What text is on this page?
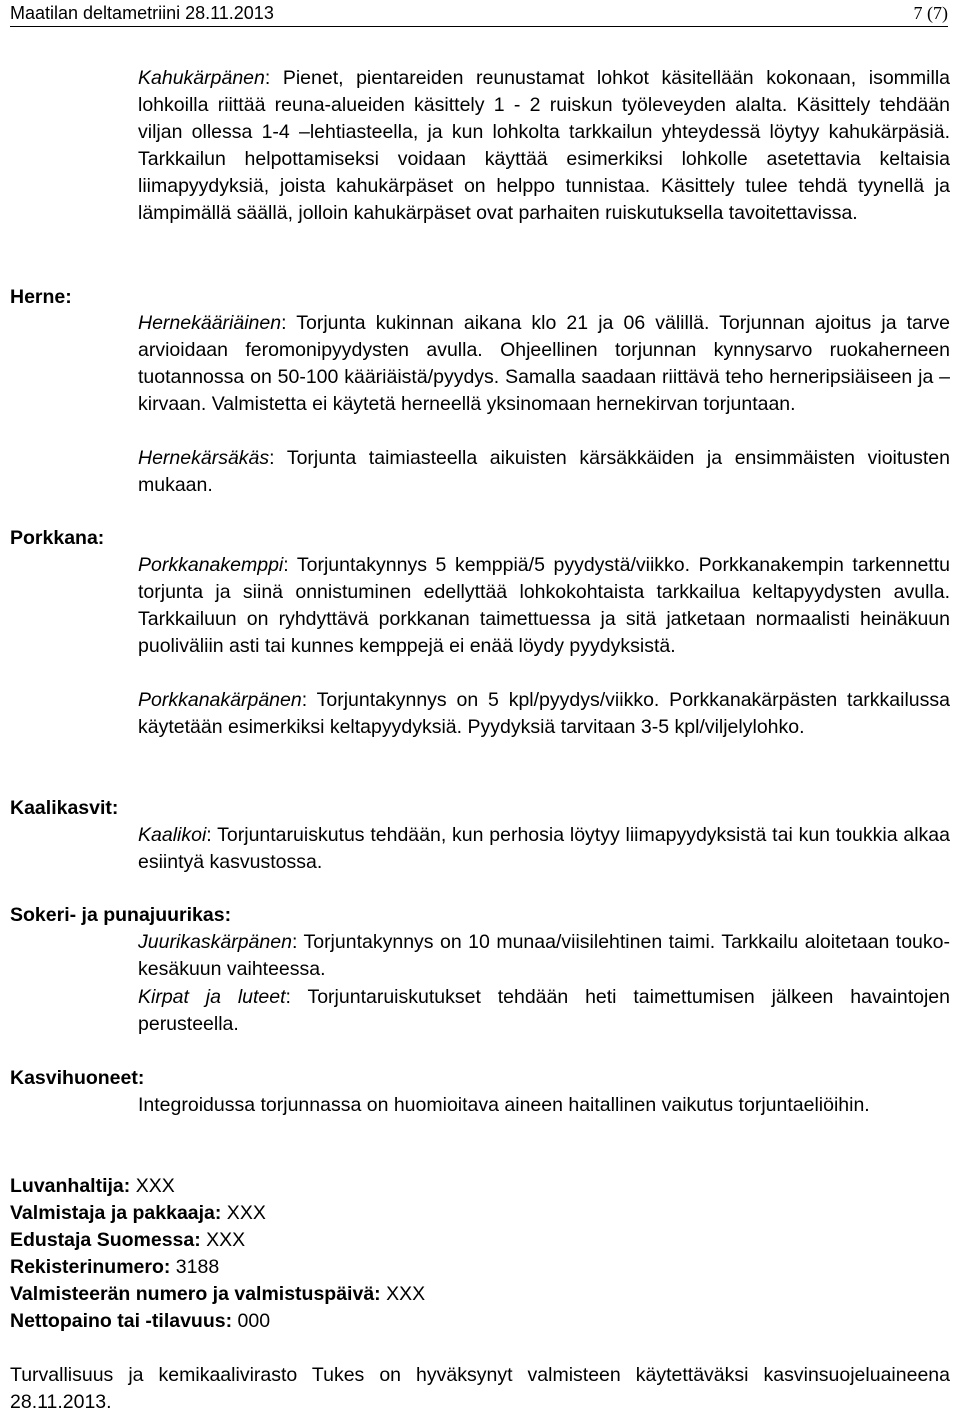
Maatilan deltametriini 28.11.2013	7 (7)

Kahukärpänen: Pienet, pientareiden reunustamat lohkot käsitellään kokonaan, isommilla lohkoilla riittää reuna-alueiden käsittely 1 - 2 ruiskun työleveyden alalta. Käsittely tehdään viljan ollessa 1-4 –lehtiasteella, ja kun lohkolta tarkkailun yhteydessä löytyy kahukärpäsiä. Tarkkailun helpottamiseksi voidaan käyttää esimerkiksi lohkolle asetettavia keltaisia liimapyydyksiä, joista kahukärpäset on helppo tunnistaa. Käsittely tulee tehdä tyynellä ja lämpimällä säällä, jolloin kahukärpäset ovat parhaiten ruiskutuksella tavoitettavissa.

Herne:

Hernekääriäinen: Torjunta kukinnan aikana klo 21 ja 06 välillä. Torjunnan ajoitus ja tarve arvioidaan feromonipyydysten avulla. Ohjeellinen torjunnan kynnysarvo ruokaherneen tuotannossa on 50-100 kääriäistä/pyydys. Samalla saadaan riittävä teho herneripsiäiseen ja –kirvaan. Valmistetta ei käytetä herneellä yksinomaan hernekirvan torjuntaan.

Hernekärsäkäs: Torjunta taimiasteella aikuisten kärsäkkäiden ja ensimmäisten vioitusten mukaan.

Porkkana:

Porkkanakemppi: Torjuntakynnys 5 kemppiä/5 pyydystä/viikko. Porkkanakempin tarkennettu torjunta ja siinä onnistuminen edellyttää lohkokohtaista tarkkailua keltapyydysten avulla. Tarkkailuun on ryhdyttävä porkkanan taimettuessa ja sitä jatketaan normaalisti heinäkuun puoliväliin asti tai kunnes kemppejä ei enää löydy pyydyksistä.

Porkkanakärpänen: Torjuntakynnys on 5 kpl/pyydys/viikko. Porkkanakärpästen tarkkailussa käytetään esimerkiksi keltapyydyksiä. Pyydyksiä tarvitaan 3-5 kpl/viljelylohko.

Kaalikasvit:

Kaalikoi: Torjuntaruiskutus tehdään, kun perhosia löytyy liimapyydyksistä tai kun toukkia alkaa esiintyä kasvustossa.

Sokeri- ja punajuurikas:

Juurikaskärpänen: Torjuntakynnys on 10 munaa/viisilehtinen taimi. Tarkkailu aloitetaan touko-kesäkuun vaihteessa.

Kirpat ja luteet: Torjuntaruiskutukset tehdään heti taimettumisen jälkeen havaintojen perusteella.

Kasvihuoneet:

Integroidussa torjunnassa on huomioitava aineen haitallinen vaikutus torjuntaeliöihin.

Luvanhaltija: XXX
Valmistaja ja pakkaaja: XXX
Edustaja Suomessa: XXX
Rekisterinumero: 3188
Valmisteerän numero ja valmistuspäivä: XXX
Nettopaino tai -tilavuus: 000

Turvallisuus ja kemikaalivirasto Tukes on hyväksynyt valmisteen käytettäväksi kasvinsuojeluaineena 28.11.2013.
